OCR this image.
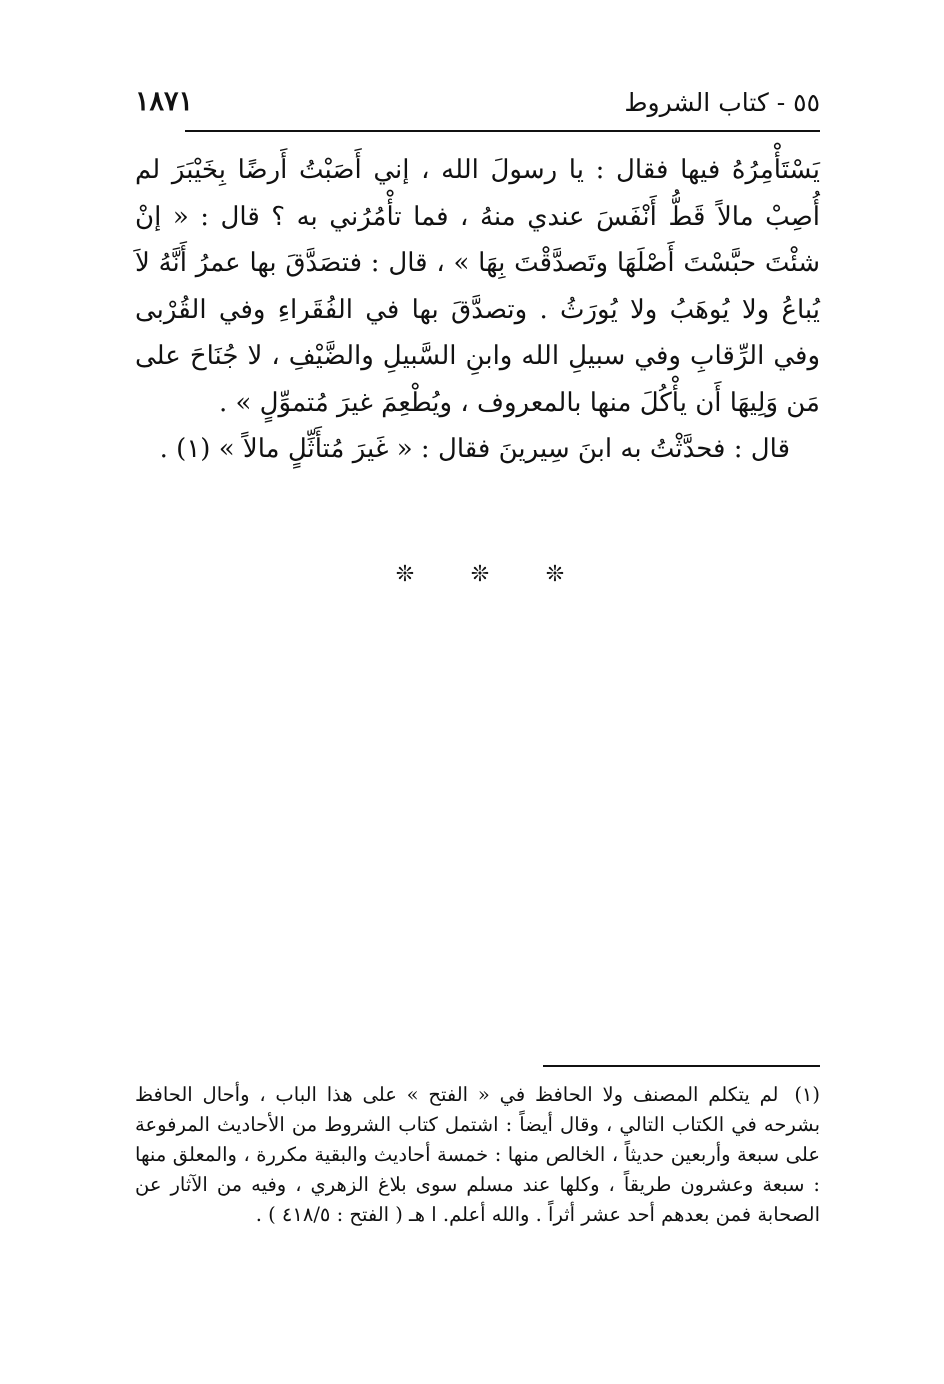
٥٥ - كتاب الشروط
١٨٧١

يَسْتَأْمِرُهُ فيها فقال : يا رسولَ الله ، إني أَصَبْتُ أَرضًا بِخَيْبَرَ لم أُصِبْ مالاً قَطُّ أَنْفَسَ عندي منهُ ، فما تأْمُرُني به ؟ قال : « إنْ شئْتَ حبَّسْتَ أَصْلَهَا وتَصدَّقْتَ بِهَا » ، قال : فتصَدَّقَ بها عمرُ أَنَّهُ لاَ يُباعُ ولا يُوهَبُ ولا يُورَثُ . وتصدَّقَ بها في الفُقَراءِ وفي القُرْبى وفي الرِّقابِ وفي سبيلِ الله وابنِ السَّبيلِ والضَّيْفِ ، لا جُنَاحَ على مَن وَلِيهَا أَن يأْكُلَ منها بالمعروف ، ويُطْعِمَ غيرَ مُتموِّلٍ » .

قال : فحدَّثْتُ به ابنَ سِيرينَ فقال : « غَيرَ مُتأَثِّلٍ مالاً » (١) .

❊	❊	❊

(١) لم يتكلم المصنف ولا الحافظ في « الفتح » على هذا الباب ، وأحال الحافظ بشرحه في الكتاب التالي ، وقال أيضاً : اشتمل كتاب الشروط من الأحاديث المرفوعة على سبعة وأربعين حديثاً ، الخالص منها : خمسة أحاديث والبقية مكررة ، والمعلق منها : سبعة وعشرون طريقاً ، وكلها عند مسلم سوى بلاغ الزهري ، وفيه من الآثار عن الصحابة فمن بعدهم أحد عشر أثراً . والله أعلم. ا هـ ( الفتح : ٤١٨/٥ ) .
